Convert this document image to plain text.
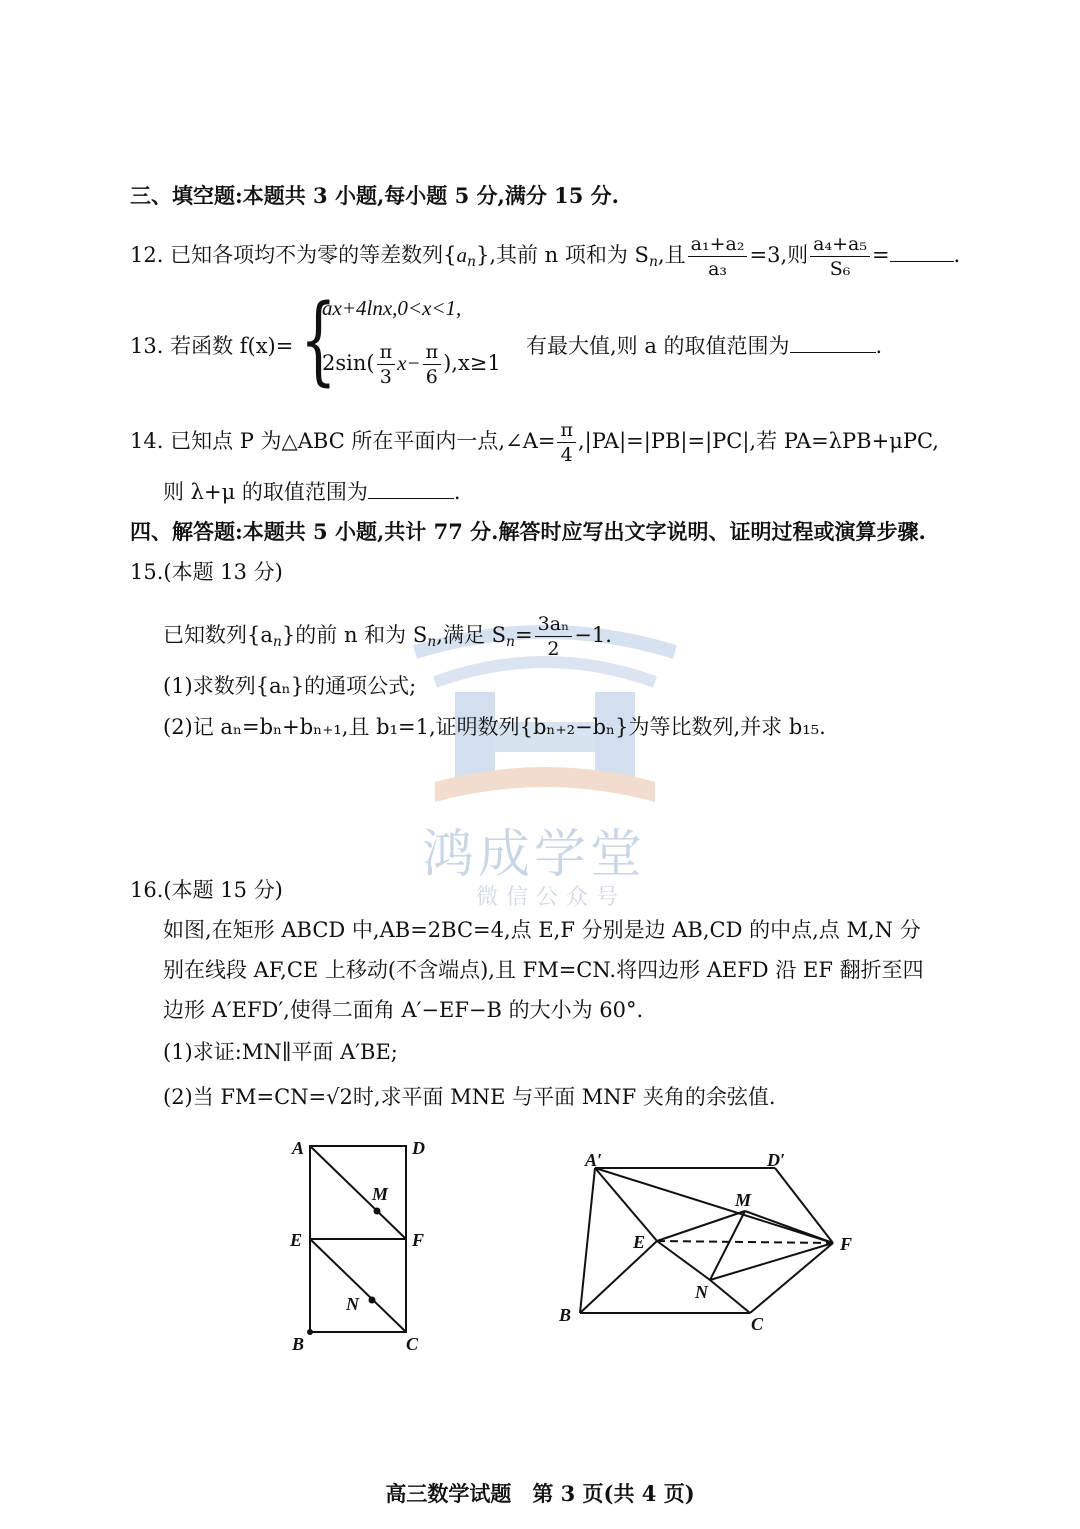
鸿成学堂
微信公众号
三、填空题:本题共 3 小题,每小题 5 分,满分 15 分.
12. 已知各项均不为零的等差数列$\{a_n\}$,其前 n 项和为 $S_n$,且 $\frac{\text{a₁+a₂}}{\text{a₃}} =3$,则 $\frac{\text{a₄+a₅}}{\text{S₆}}$ =	.
13. 若函数 f(x)= {
ax+4lnx,0<x<1,
$2\sin( \frac{\pi}{3} x- \frac{\pi}{6} ),x\ge 1$
有最大值,则 a 的取值范围为	.
14. 已知点 P 为△ABC 所在平面内一点,∠A= $\frac{\pi}{4} ,|PA|=|PB|=|PC|$,若 PA=λPB+μPC,
则 λ+μ 的取值范围为	.
四、解答题:本题共 5 小题,共计 77 分.解答时应写出文字说明、证明过程或演算步骤.
15.(本题 13 分)
已知数列$\{a_n\}$的前 n 和为 $S_n$,满足 $S_n= \frac{\text{3aₙ}}{2} -1$.
(1)求数列{aₙ}的通项公式;
(2)记 aₙ=bₙ+bₙ₊₁,且 b₁=1,证明数列{bₙ₊₂−bₙ}为等比数列,并求 b₁₅.
16.(本题 15 分)
如图,在矩形 ABCD 中,AB=2BC=4,点 E,F 分别是边 AB,CD 的中点,点 M,N 分
别在线段 AF,CE 上移动(不含端点),且 FM=CN.将四边形 AEFD 沿 EF 翻折至四
边形 A′EFD′,使得二面角 A′−EF−B 的大小为 60°.
(1)求证:MN∥平面 A′BE;
(2)当 FM=CN=√2时,求平面 MNE 与平面 MNF 夹角的余弦值.
A	D
M
E	F
N
B	C
A′	D′
M
E	F
N
B	C
高三数学试题　第 3 页(共 4 页)
